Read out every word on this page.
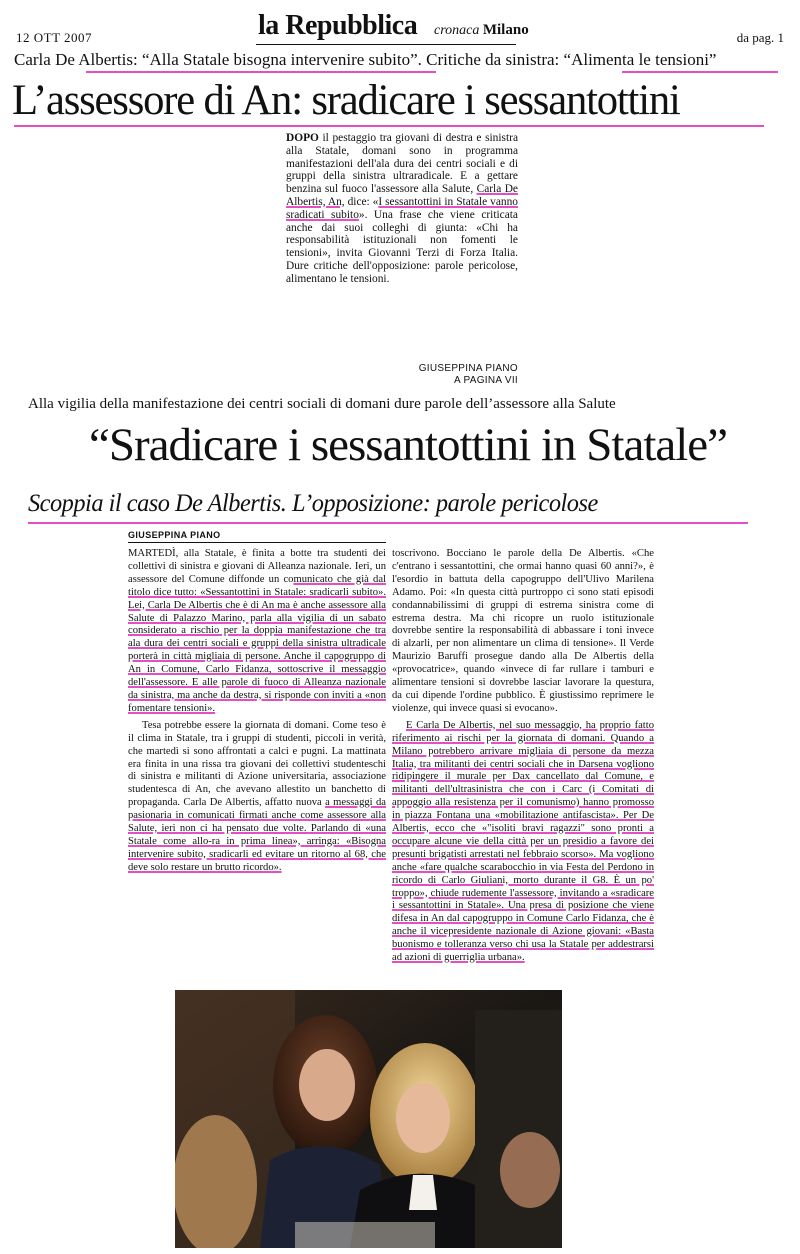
12 OTT 2007	la Repubblica cronaca Milano	da pag. 1
Carla De Albertis: “Alla Statale bisogna intervenire subito”. Critiche da sinistra: “Alimenta le tensioni”
L’assessore di An: sradicare i sessantottini
DOPO il pestaggio tra giovani di destra e sinistra alla Statale, domani sono in programma manifestazioni dell'ala dura dei centri sociali e di gruppi della sinistra ultraradicale. E a gettare benzina sul fuoco l'assessore alla Salute, Carla De Albertis, An, dice: «I sessantottini in Statale vanno sradicati subito». Una frase che viene criticata anche dai suoi colleghi di giunta: «Chi ha responsabilità istituzionali non fomenti le tensioni», invita Giovanni Terzi di Forza Italia. Dure critiche dell'opposizione: parole pericolose, alimentano le tensioni.
GIUSEPPINA PIANO
A PAGINA VII
Alla vigilia della manifestazione dei centri sociali di domani dure parole dell’assessore alla Salute
“Sradicare i sessantottini in Statale”
Scoppia il caso De Albertis. L’opposizione: parole pericolose
GIUSEPPINA PIANO

MARTEDÌ, alla Statale, è finita a botte tra studenti dei collettivi di sinistra e giovani di Alleanza nazionale. Ieri, un assessore del Comune diffonde un comunicato che già dal titolo dice tutto: «Sessantottini in Statale: sradicarli subito». Lei, Carla De Albertis che è di An ma è anche assessore alla Salute di Palazzo Marino, parla alla vigilia di un sabato considerato a rischio per la doppia manifestazione che tra ala dura dei centri sociali e gruppi della sinistra ultradicale porterà in città migliaia di persone. Anche il capogruppo di An in Comune, Carlo Fidanza, sottoscrive il messaggio dell'assessore. E alle parole di fuoco di Alleanza nazionale da sinistra, ma anche da destra, si risponde con inviti a «non fomentare tensioni».

Tesa potrebbe essere la giornata di domani. Come teso è il clima in Statale, tra i gruppi di studenti, piccoli in verità, che martedì si sono affrontati a calci e pugni. La mattinata era finita in una rissa tra giovani dei collettivi studenteschi di sinistra e militanti di Azione universitaria, associazione studentesca di An, che avevano allestito un banchetto di propaganda. Carla De Albertis, affatto nuova a messaggi da pasionaria in comunicati firmati anche come assessore alla Salute, ieri non ci ha pensato due volte. Parlando di «una Statale come allo-ra in prima linea», arringa: «Bisogna intervenire subito, sradicarli ed evitare un ritorno al 68, che deve solo restare un brutto ricordo».

toscrivono. Bocciano le parole della De Albertis. «Che c'entrano i sessantottini, che ormai hanno quasi 60 anni?», è l'esordio in battuta della capogruppo dell'Ulivo Marilena Adamo. Poi: «In questa città purtroppo ci sono stati episodi condannabilissimi di gruppi di estrema sinistra come di estrema destra. Ma chi ricopre un ruolo istituzionale dovrebbe sentire la responsabilità di abbassare i toni invece di alzarli, per non alimentare un clima di tensione». Il Verde Maurizio Baruffi prosegue dando alla De Albertis della «provocatrice», quando «invece di far rullare i tamburi e alimentare tensioni si dovrebbe lasciar lavorare la questura, da cui dipende l'ordine pubblico. È giustissimo reprimere le violenze, qui invece quasi si evocano».

E Carla De Albertis, nel suo messaggio, ha proprio fatto riferimento ai rischi per la giornata di domani. Quando a Milano potrebbero arrivare migliaia di persone da mezza Italia, tra militanti dei centri sociali che in Darsena vogliono ridipingere il murale per Dax cancellato dal Comune, e militanti dell'ultrasinistra che con i Carc (i Comitati di appoggio alla resistenza per il comunismo) hanno promosso in piazza Fontana una «mobilitazione antifascista». Per De Albertis, ecco che «"isoliti bravi ragazzi" sono pronti a occupare alcune vie della città per un presidio a favore dei presunti brigatisti arrestati nel febbraio scorso». Ma vogliono anche «fare qualche scarabocchio in via Festa del Perdono in ricordo di Carlo Giuliani, morto durante il G8. È un po' troppo», chiude rudemente l'assessore, invitando a «sradicare i sessantottini in Statale». Una presa di posizione che viene difesa in An dal capogruppo in Comune Carlo Fidanza, che è anche il vicepresidente nazionale di Azione giovani: «Basta buonismo e tolleranza verso chi usa la Statale per addestrarsi ad azioni di guerriglia urbana».
